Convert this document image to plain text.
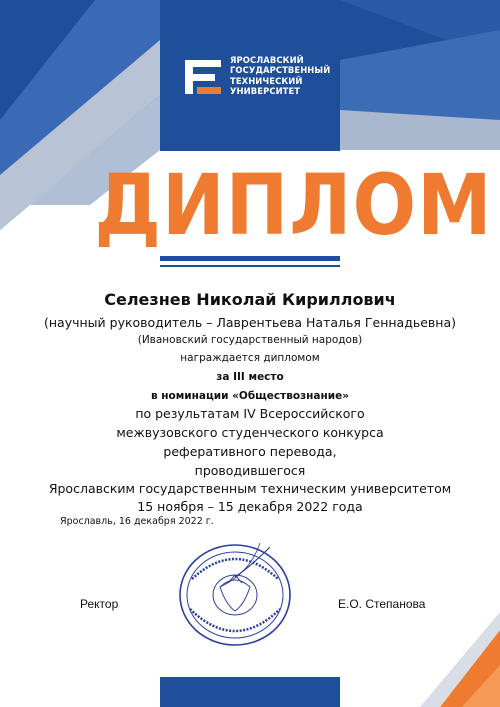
ЯРОСЛАВСКИЙ
ГОСУДАРСТВЕННЫЙ
ТЕХНИЧЕСКИЙ
УНИВЕРСИТЕТ
ДИПЛОМ
Селезнев Николай Кириллович
(научный руководитель – Лаврентьева Наталья Геннадьевна)
(Ивановский государственный народов)
награждается дипломом
за III место
в номинации «Обществознание»
по результатам IV Всероссийского
межвузовского студенческого конкурса
реферативного перевода,
проводившегося
Ярославским государственным техническим университетом
15 ноября – 15 декабря 2022 года
Ярославль, 16 декабря 2022 г.
Ректор	Е.О. Степанова
